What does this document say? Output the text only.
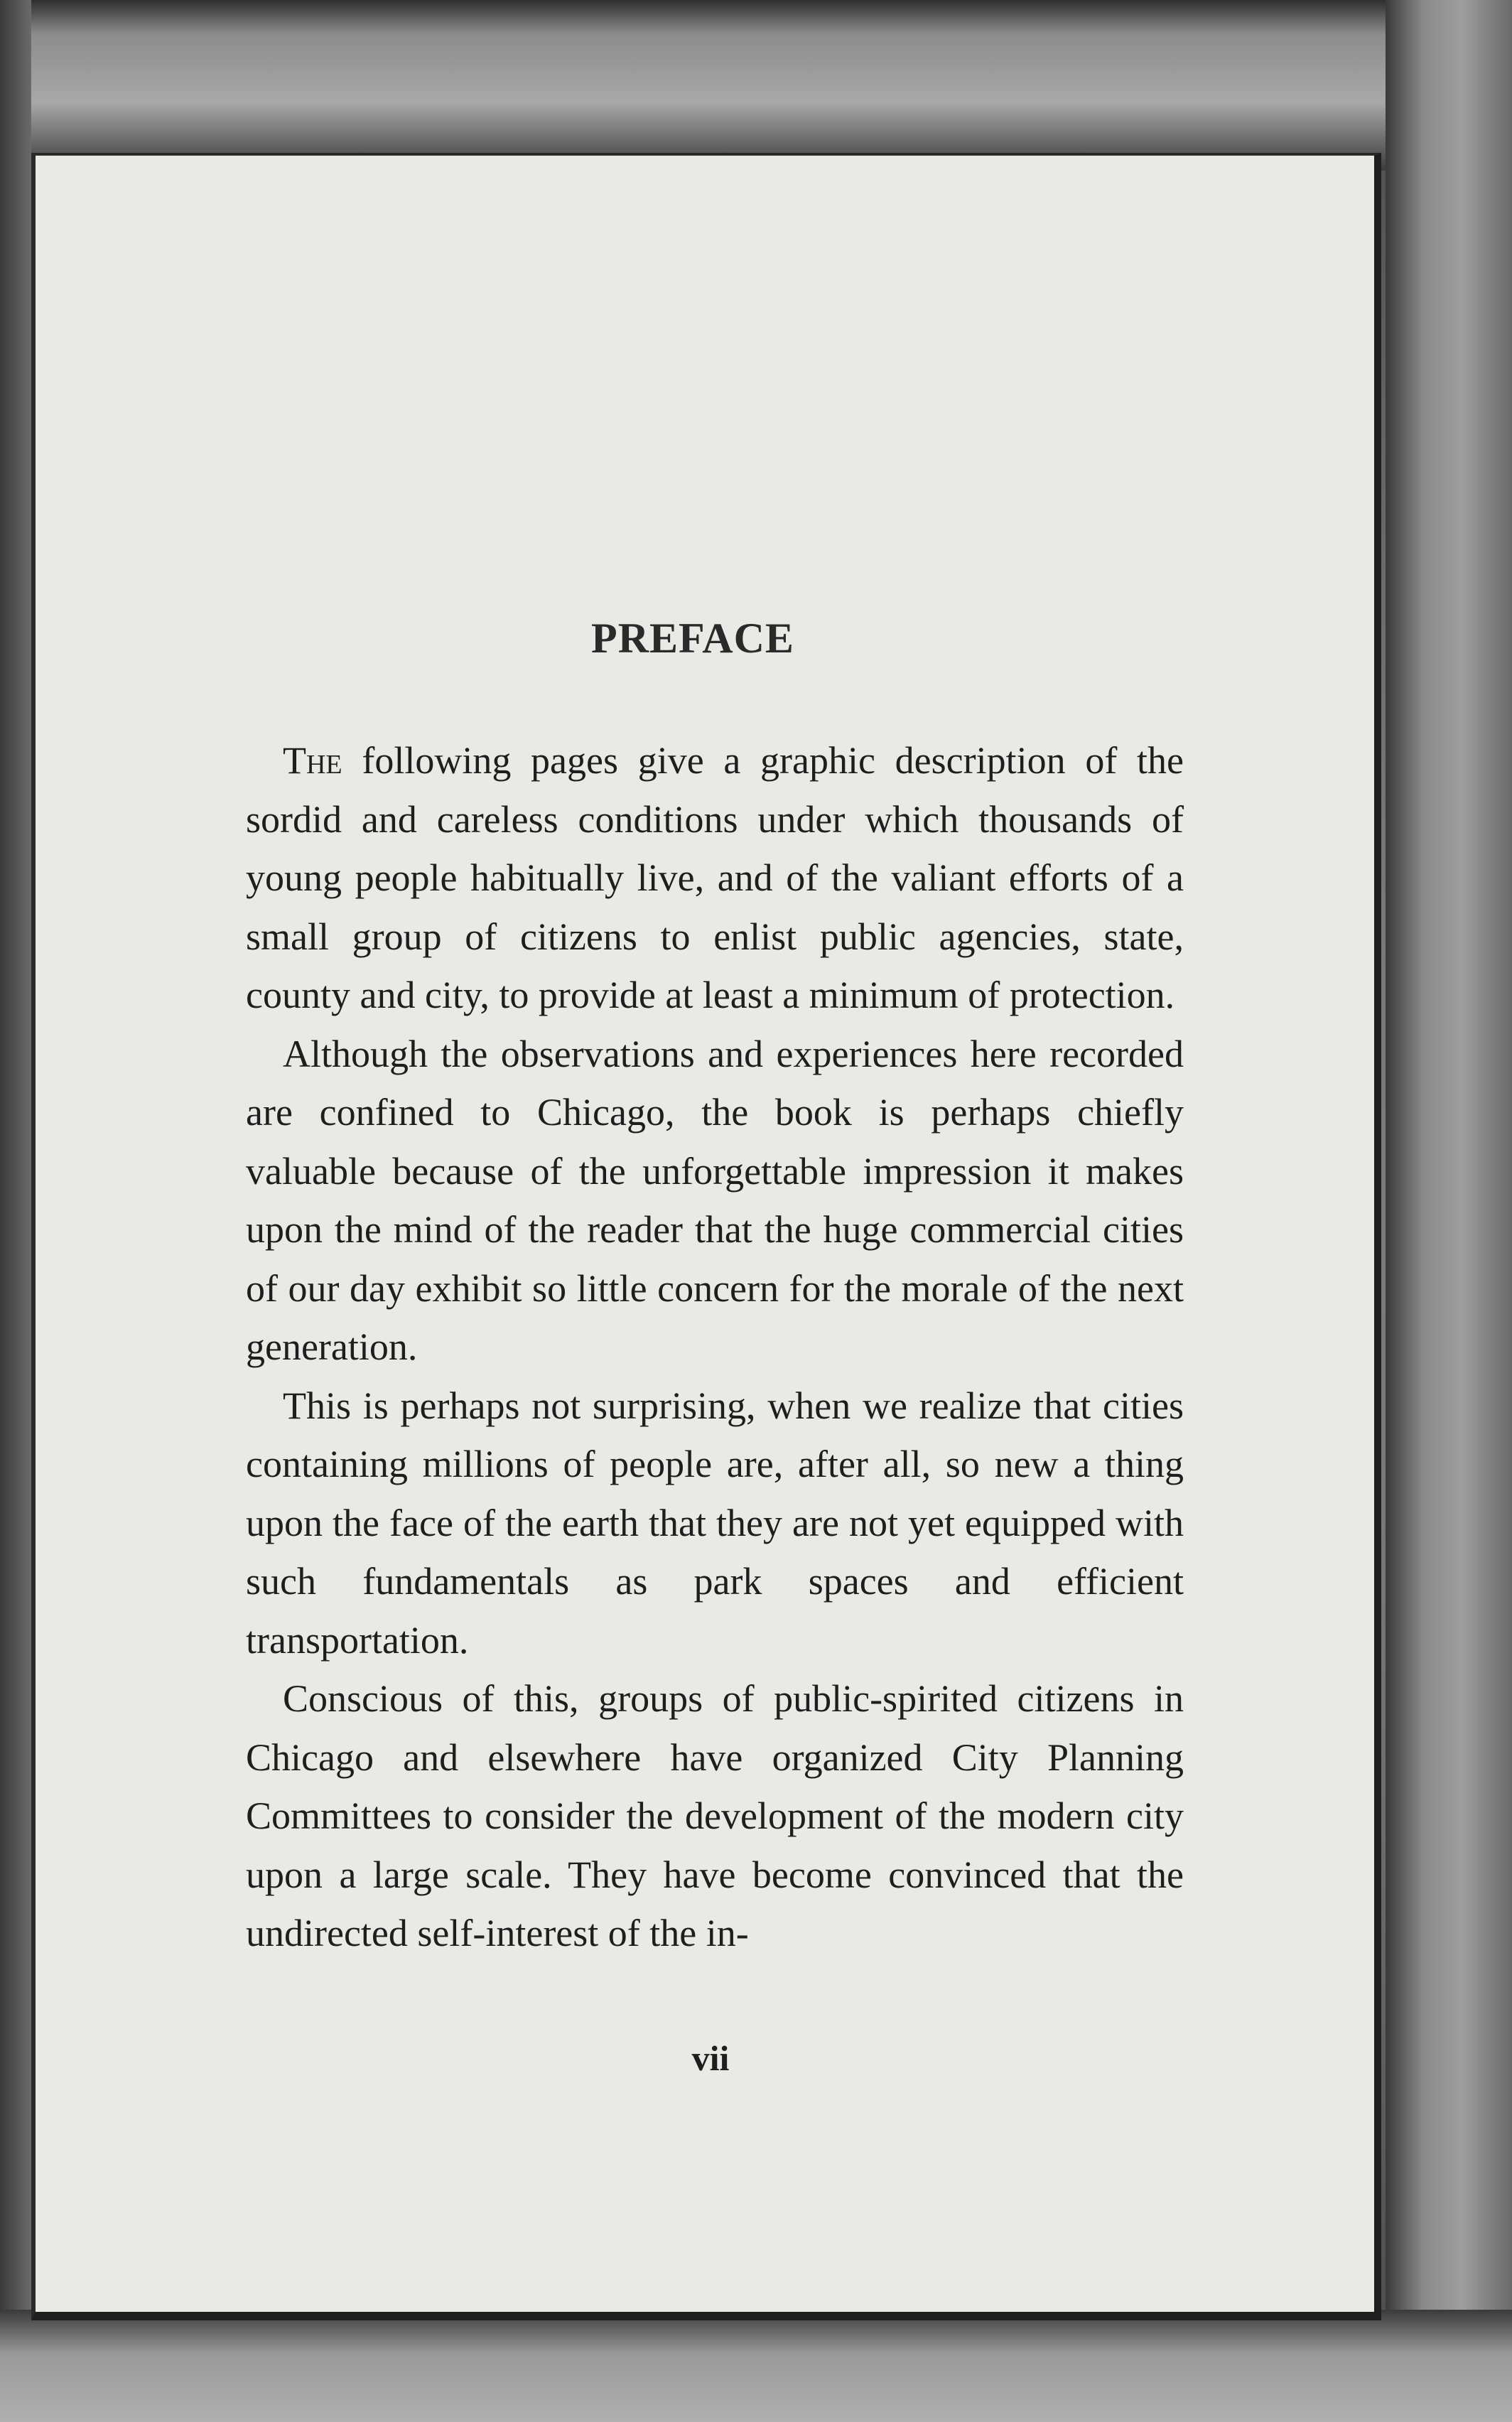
PREFACE

The following pages give a graphic description of the sordid and careless conditions under which thousands of young people habitually live, and of the valiant efforts of a small group of citizens to enlist public agencies, state, county and city, to provide at least a minimum of protection.

Although the observations and experiences here recorded are confined to Chicago, the book is perhaps chiefly valuable because of the unforgettable impression it makes upon the mind of the reader that the huge commercial cities of our day exhibit so little concern for the morale of the next generation.

This is perhaps not surprising, when we realize that cities containing millions of people are, after all, so new a thing upon the face of the earth that they are not yet equipped with such fundamentals as park spaces and efficient transportation.

Conscious of this, groups of public-spirited citizens in Chicago and elsewhere have organized City Planning Committees to consider the development of the modern city upon a large scale. They have become convinced that the undirected self-interest of the in-

vii
